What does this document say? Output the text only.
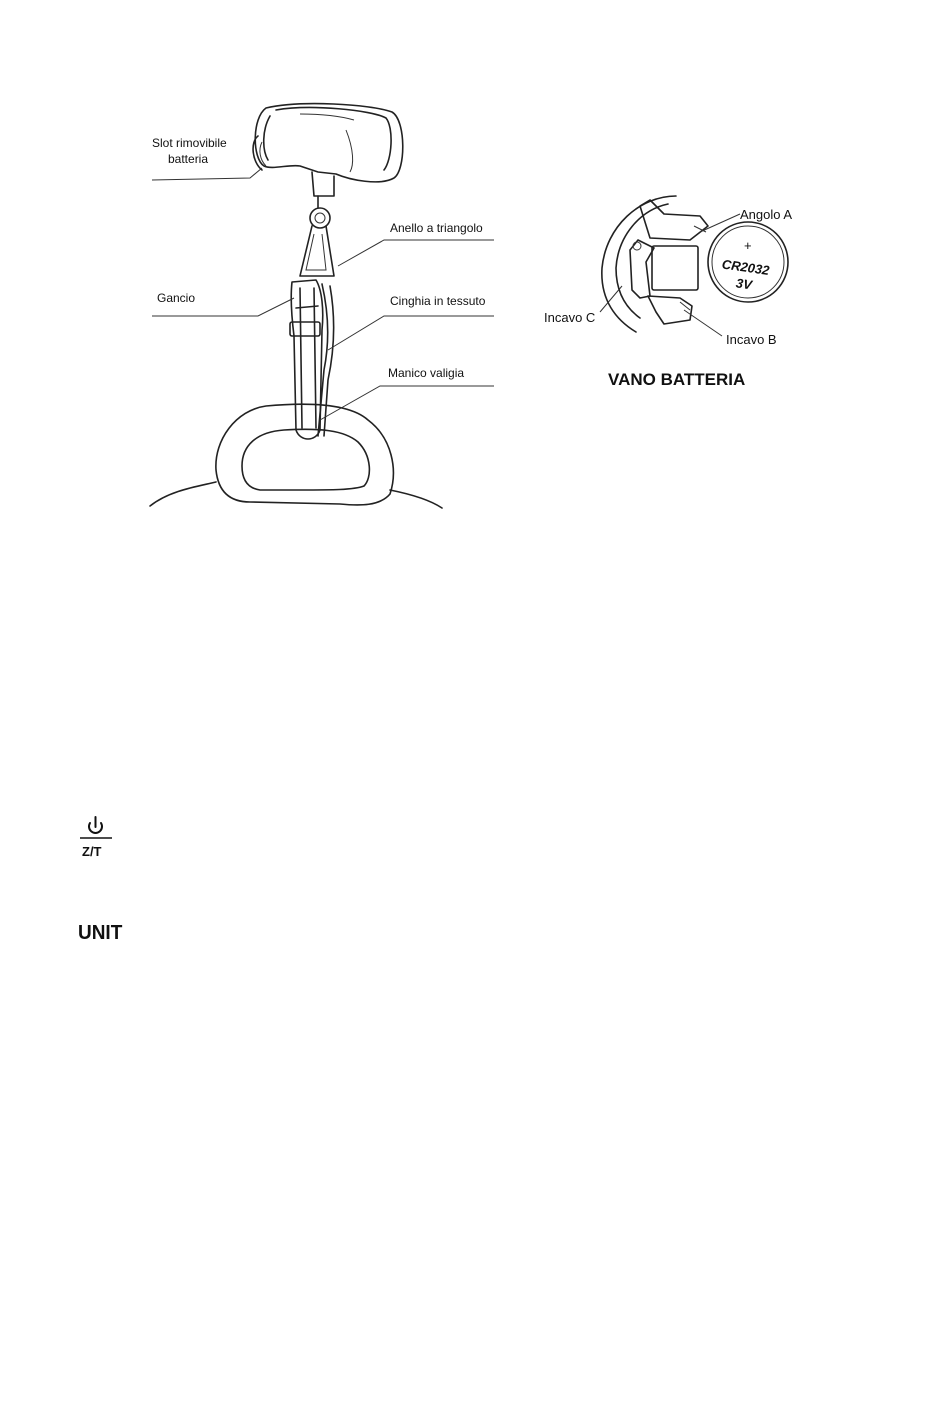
Slot rimovibile
batteria
Anello a triangolo
Gancio	Cinghia in tessuto
Manico valigia
+
CR2032
3V
Angolo A
Incavo C
Incavo B
VANO BATTERIA
Z/T
UNIT
